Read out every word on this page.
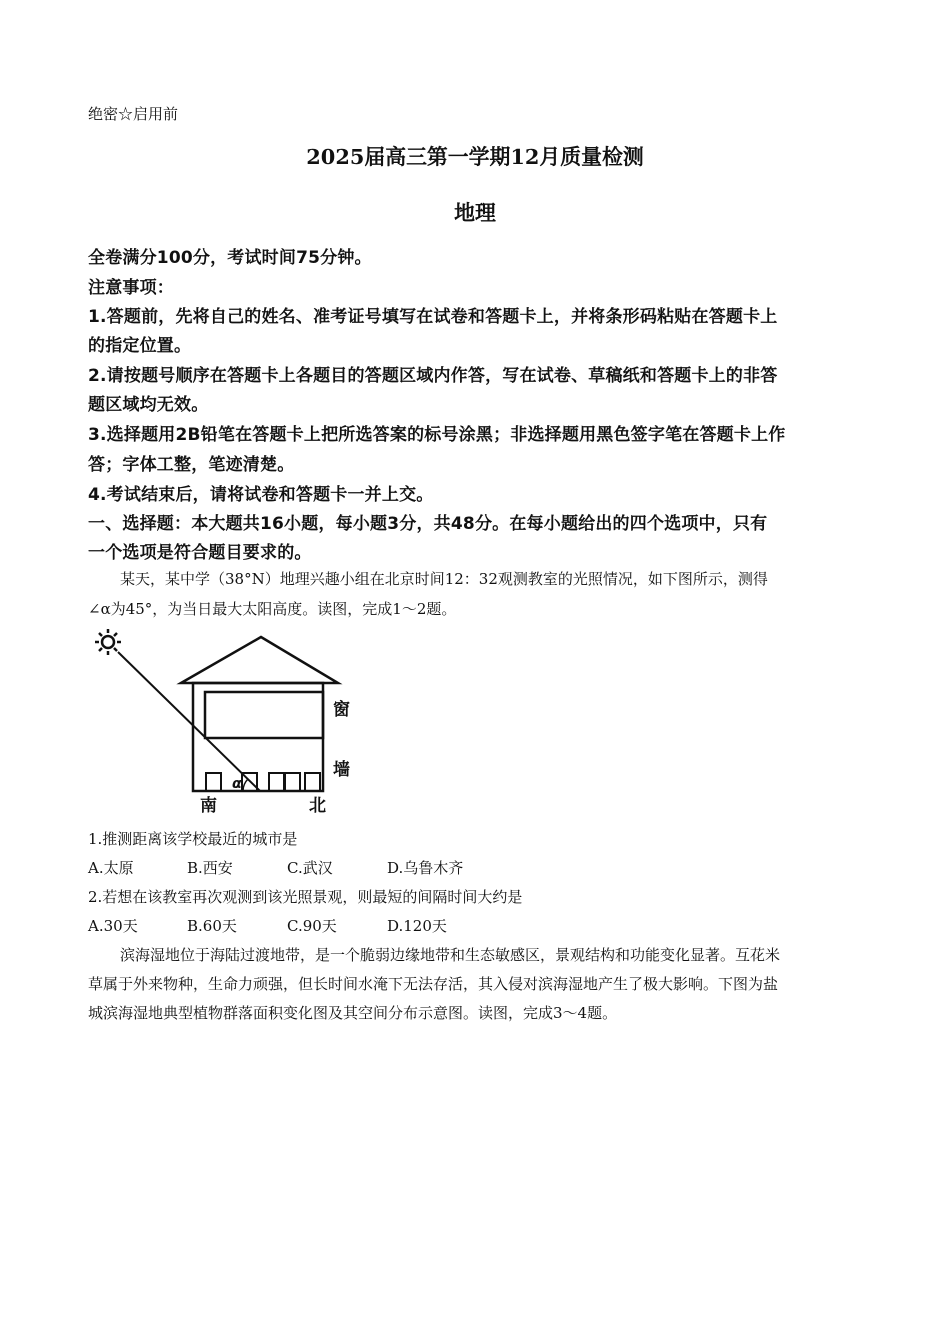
绝密☆启用前
2025届高三第一学期12月质量检测
地理
全卷满分100分，考试时间75分钟。
注意事项：
1.答题前，先将自己的姓名、准考证号填写在试卷和答题卡上，并将条形码粘贴在答题卡上
的指定位置。
2.请按题号顺序在答题卡上各题目的答题区域内作答，写在试卷、草稿纸和答题卡上的非答
题区域均无效。
3.选择题用2B铅笔在答题卡上把所选答案的标号涂黑；非选择题用黑色签字笔在答题卡上作
答；字体工整，笔迹清楚。
4.考试结束后，请将试卷和答题卡一并上交。
一、选择题：本大题共16小题，每小题3分，共48分。在每小题给出的四个选项中，只有
一个选项是符合题目要求的。
某天，某中学（38°N）地理兴趣小组在北京时间12：32观测教室的光照情况，如下图所示，测得
∠α为45°，为当日最大太阳高度。读图，完成1～2题。
α
窗
墙
南	北
1.推测距离该学校最近的城市是
A.太原	B.西安	C.武汉	D.乌鲁木齐
2.若想在该教室再次观测到该光照景观，则最短的间隔时间大约是
A.30天	B.60天	C.90天	D.120天
滨海湿地位于海陆过渡地带，是一个脆弱边缘地带和生态敏感区，景观结构和功能变化显著。互花米
草属于外来物种，生命力顽强，但长时间水淹下无法存活，其入侵对滨海湿地产生了极大影响。下图为盐
城滨海湿地典型植物群落面积变化图及其空间分布示意图。读图，完成3～4题。
